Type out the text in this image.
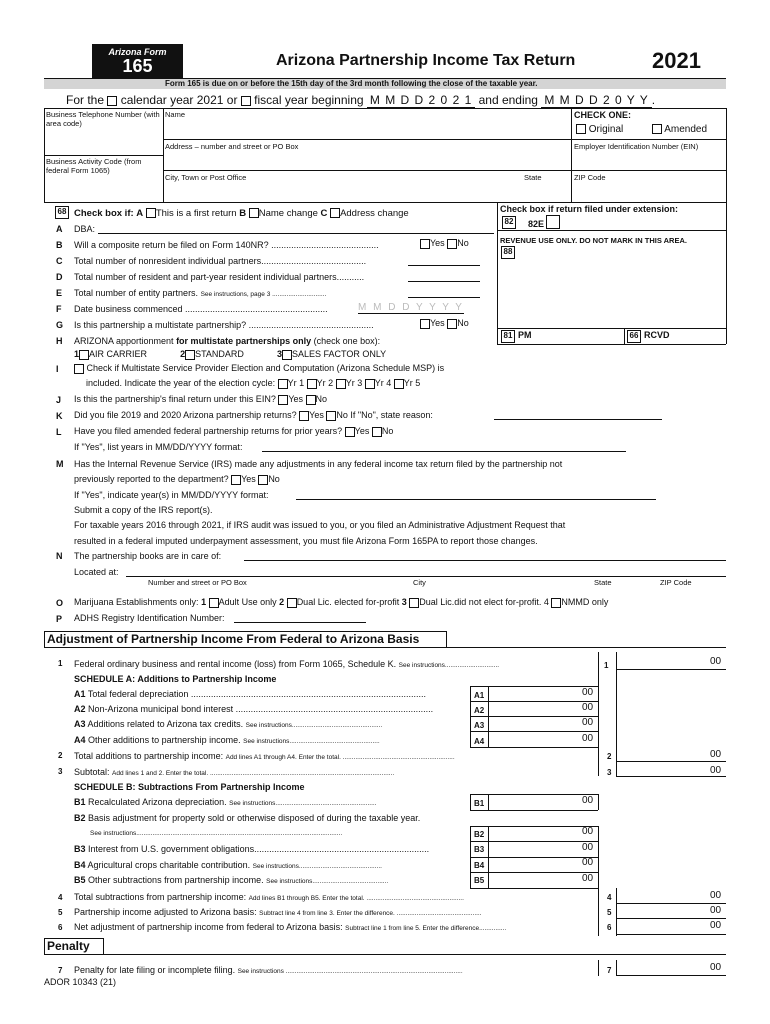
Arizona Form
165	Arizona Partnership Income Tax Return	2021
Form 165 is due on or before the 15th day of the 3rd month following the close of the taxable year.
For the calendar year 2021 or fiscal year beginning M M D D 2 0 2 1 and ending M M D D 2 0 Y Y .
Business Telephone Number (with area code)
Name
Address – number and street or PO Box
Business Activity Code (from federal Form 1065)
City, Town or Post Office	State	ZIP Code
CHECK ONE:
Original	Amended
Employer Identification Number (EIN)
Check box if return filed under extension:
82 82E
REVENUE USE ONLY. DO NOT MARK IN THIS AREA.
88
81 PM	66 RCVD
68 Check box if: A This is a first return B Name change C Address change
A DBA:
B Will a composite return be filed on Form 140NR? ...........................................	Yes No
C Total number of nonresident individual partners..........................................
D Total number of resident and part-year resident individual partners...........
E Total number of entity partners. See instructions, page 3 ..............................
F Date business commenced .........................................................	M M D D Y Y Y Y
G Is this partnership a multistate partnership? ..................................................	Yes No
H ARIZONA apportionment for multistate partnerships only (check one box):
1 AIR CARRIER	2 STANDARD	3 SALES FACTOR ONLY
I	Check if Multistate Service Provider Election and Computation (Arizona Schedule MSP) is
included. Indicate the year of the election cycle: Yr 1 Yr 2 Yr 3 Yr 4 Yr 5
J Is this the partnership's final return under this EIN? Yes No
K Did you file 2019 and 2020 Arizona partnership returns? Yes No If "No", state reason:
L Have you filed amended federal partnership returns for prior years? Yes No
If "Yes", list years in MM/DD/YYYY format:
M Has the Internal Revenue Service (IRS) made any adjustments in any federal income tax return filed by the partnership not
previously reported to the department? Yes No
If "Yes", indicate year(s) in MM/DD/YYYY format:
Submit a copy of the IRS report(s).
For taxable years 2016 through 2021, if IRS audit was issued to you, or you filed an Administrative Adjustment Request that
resulted in a federal imputed underpayment assessment, you must file Arizona Form 165PA to report those changes.
N The partnership books are in care of:
Located at:
Number and street or PO Box	City	State	ZIP Code
O Marijuana Establishments only: 1 Adult Use only 2 Dual Lic. elected for-profit 3 Dual Lic.did not elect for-profit. 4 NMMD only
P ADHS Registry Identification Number:
Adjustment of Partnership Income From Federal to Arizona Basis
1 Federal ordinary business and rental income (loss) from Form 1065, Schedule K. See instructions..............................	1	00
SCHEDULE A: Additions to Partnership Income
A1 Total federal depreciation ..............................................................................................	A1	00
A2 Non-Arizona municipal bond interest ...............................................................................	A2	00
A3 Additions related to Arizona tax credits. See instructions..................................................	A3	00
A4 Other additions to partnership income. See instructions..................................................	A4	00
2 Total additions to partnership income: Add lines A1 through A4. Enter the total. ..............................................................	2	00
3 Subtotal: Add lines 1 and 2. Enter the total. ......................................................................................................	3	00
SCHEDULE B: Subtractions From Partnership Income
B1 Recalculated Arizona depreciation. See instructions........................................................	B1	00
B2 Basis adjustment for property sold or otherwise disposed of during the taxable year.
See instructions..................................................................................................................	B2	00
B3 Interest from U.S. government obligations......................................................................	B3	00
B4 Agricultural crops charitable contribution. See instructions..............................................	B4	00
B5 Other subtractions from partnership income. See instructions..........................................	B5	00
4 Total subtractions from partnership income: Add lines B1 through B5. Enter the total. ......................................................	4	00
5 Partnership income adjusted to Arizona basis: Subtract line 4 from line 3. Enter the difference. ...............................................	5	00
6 Net adjustment of partnership income from federal to Arizona basis: Subtract line 1 from line 5. Enter the difference...............	6	00
Penalty
7 Penalty for late filing or incomplete filing. See instructions ..................................................................................................	7	00
ADOR 10343 (21)
